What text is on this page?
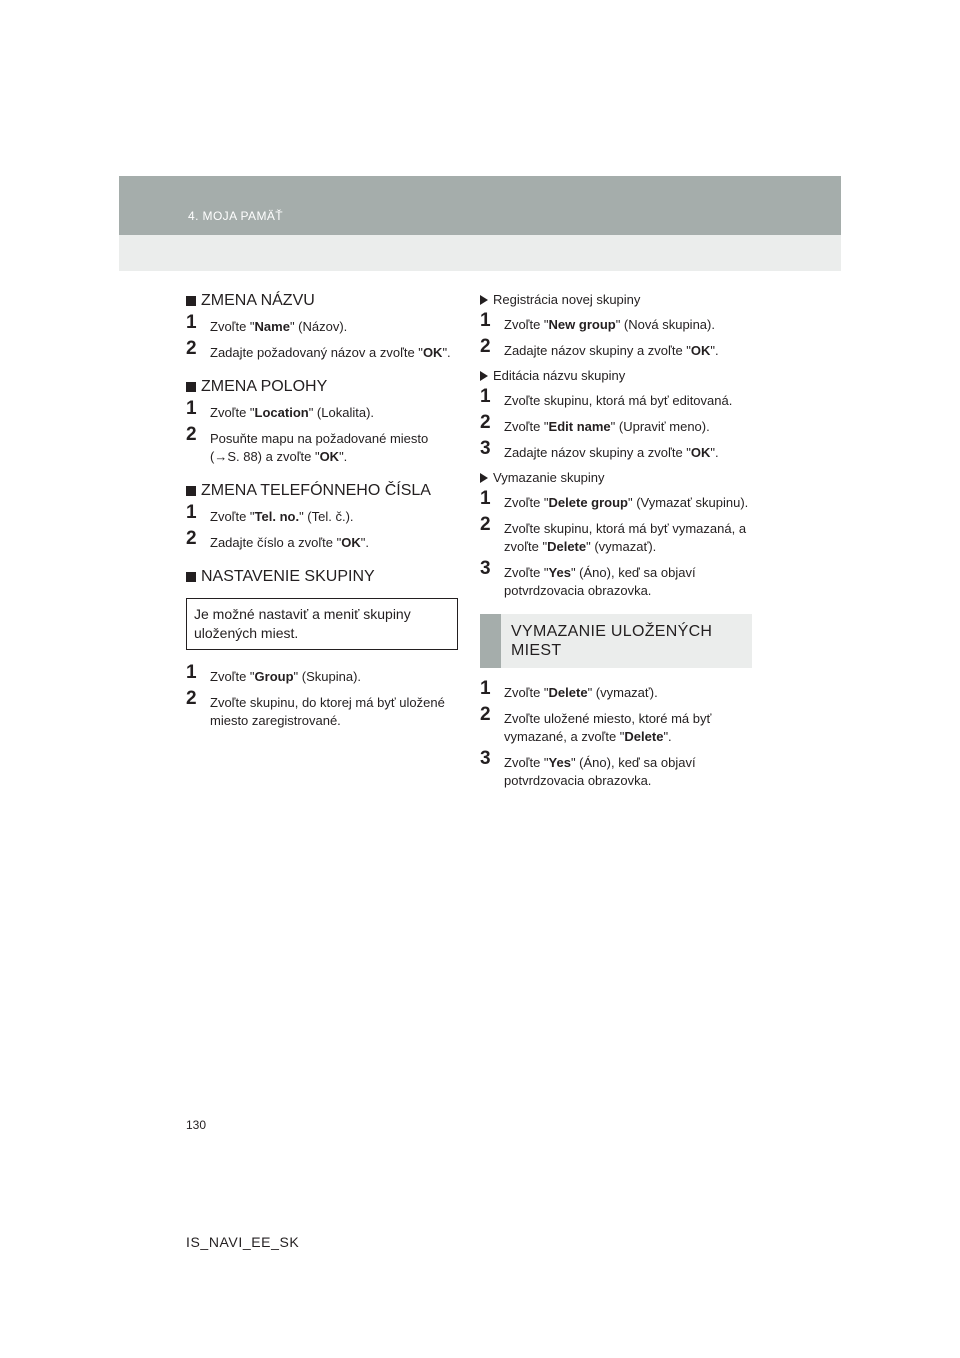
4. MOJA PAMÄŤ
ZMENA NÁZVU
1 Zvoľte "Name" (Názov).
2 Zadajte požadovaný názov a zvoľte "OK".
ZMENA POLOHY
1 Zvoľte "Location" (Lokalita).
2 Posuňte mapu na požadované miesto (→S. 88) a zvoľte "OK".
ZMENA TELEFÓNNEHO ČÍSLA
1 Zvoľte "Tel. no." (Tel. č.).
2 Zadajte číslo a zvoľte "OK".
NASTAVENIE SKUPINY
Je možné nastaviť a meniť skupiny uložených miest.
1 Zvoľte "Group" (Skupina).
2 Zvoľte skupinu, do ktorej má byť uložené miesto zaregistrované.
Registrácia novej skupiny
1 Zvoľte "New group" (Nová skupina).
2 Zadajte názov skupiny a zvoľte "OK".
Editácia názvu skupiny
1 Zvoľte skupinu, ktorá má byť editovaná.
2 Zvoľte "Edit name" (Upraviť meno).
3 Zadajte názov skupiny a zvoľte "OK".
Vymazanie skupiny
1 Zvoľte "Delete group" (Vymazať skupinu).
2 Zvoľte skupinu, ktorá má byť vymazaná, a zvoľte "Delete" (vymazať).
3 Zvoľte "Yes" (Áno), keď sa objaví potvrdzovacia obrazovka.
VYMAZANIE ULOŽENÝCH MIEST
1 Zvoľte "Delete" (vymazať).
2 Zvoľte uložené miesto, ktoré má byť vymazané, a zvoľte "Delete".
3 Zvoľte "Yes" (Áno), keď sa objaví potvrdzovacia obrazovka.
130
IS_NAVI_EE_SK
